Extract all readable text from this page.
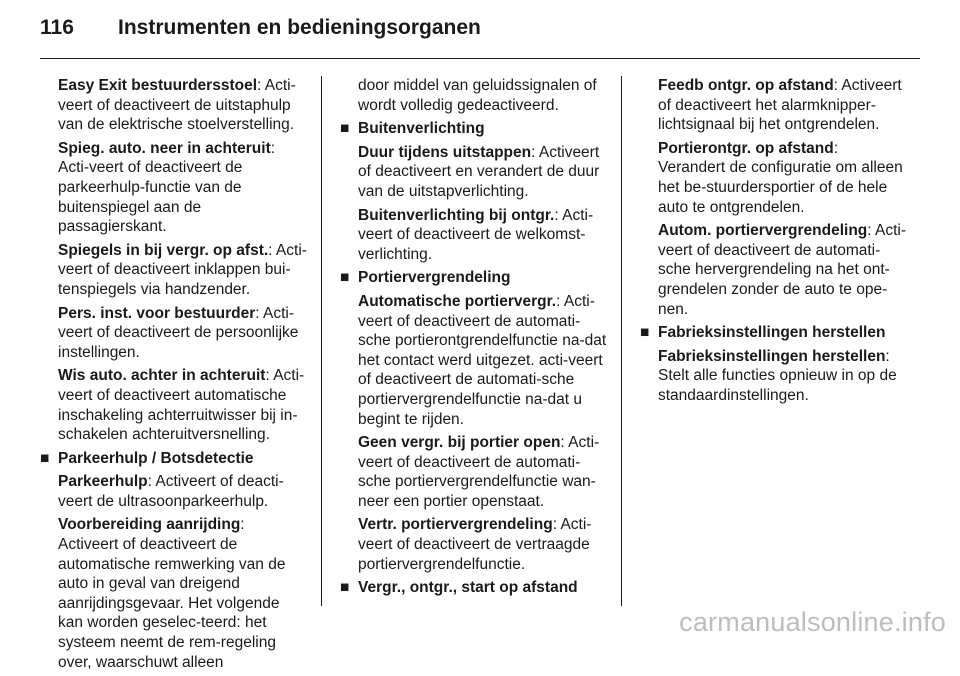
116	Instrumenten en bedieningsorganen
Easy Exit bestuurdersstoel: Acti-veert of deactiveert de uitstaphulp van de elektrische stoelverstelling.
Spieg. auto. neer in achteruit: Acti-veert of deactiveert de parkeerhulp-functie van de buitenspiegel aan de passagierskant.
Spiegels in bij vergr. op afst.: Acti-veert of deactiveert inklappen bui-tenspiegels via handzender.
Pers. inst. voor bestuurder: Acti-veert of deactiveert de persoonlijke instellingen.
Wis auto. achter in achteruit: Acti-veert of deactiveert automatische inschakeling achterruitwisser bij in-schakelen achteruitversnelling.
■ Parkeerhulp / Botsdetectie
Parkeerhulp: Activeert of deacti-veert de ultrasoonparkeerhulp.
Voorbereiding aanrijding: Activeert of deactiveert de automatische remwerking van de auto in geval van dreigend aanrijdingsgevaar. Het volgende kan worden geselec-teerd: het systeem neemt de rem-regeling over, waarschuwt alleen
door middel van geluidssignalen of wordt volledig gedeactiveerd.
■ Buitenverlichting
Duur tijdens uitstappen: Activeert of deactiveert en verandert de duur van de uitstapverlichting.
Buitenverlichting bij ontgr.: Acti-veert of deactiveert de welkomst-verlichting.
■ Portiervergrendeling
Automatische portiervergr.: Acti-veert of deactiveert de automati-sche portierontgrendelfunctie na-dat het contact werd uitgezet. acti-veert of deactiveert de automati-sche portiervergrendelfunctie na-dat u begint te rijden.
Geen vergr. bij portier open: Acti-veert of deactiveert de automati-sche portiervergrendelfunctie wan-neer een portier openstaat.
Vertr. portiervergrendeling: Acti-veert of deactiveert de vertraagde portiervergrendelfunctie.
■ Vergr., ontgr., start op afstand
Feedb ontgr. op afstand: Activeert of deactiveert het alarmknipper-lichtsignaal bij het ontgrendelen.
Portierontgr. op afstand: Verandert de configuratie om alleen het be-stuurdersportier of de hele auto te ontgrendelen.
Autom. portiervergrendeling: Acti-veert of deactiveert de automati-sche hervergrendeling na het ont-grendelen zonder de auto te ope-nen.
■ Fabrieksinstellingen herstellen
Fabrieksinstellingen herstellen: Stelt alle functies opnieuw in op de standaardinstellingen.
carmanualsonline.info
